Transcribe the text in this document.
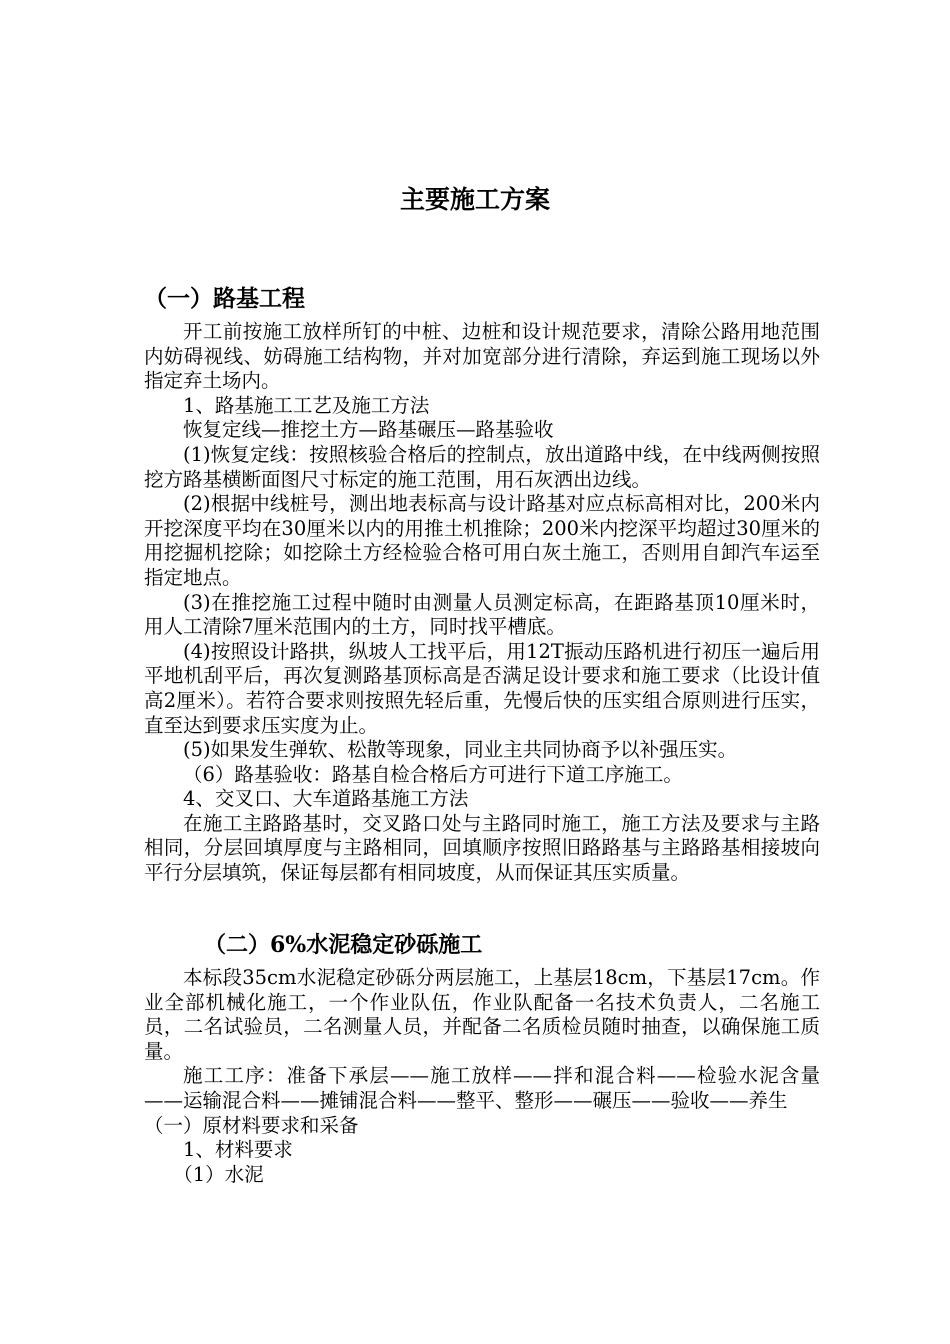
主要施工方案
（一）路基工程

开工前按施工放样所钉的中桩、边桩和设计规范要求，清除公路用地范围内妨碍视线、妨碍施工结构物，并对加宽部分进行清除，弃运到施工现场以外指定弃土场内。

1、路基施工工艺及施工方法

恢复定线—推挖土方—路基碾压—路基验收

(1)恢复定线：按照核验合格后的控制点，放出道路中线，在中线两侧按照挖方路基横断面图尺寸标定的施工范围，用石灰洒出边线。

(2)根据中线桩号，测出地表标高与设计路基对应点标高相对比，200米内开挖深度平均在30厘米以内的用推土机推除；200米内挖深平均超过30厘米的用挖掘机挖除；如挖除土方经检验合格可用白灰土施工，否则用自卸汽车运至指定地点。

(3)在推挖施工过程中随时由测量人员测定标高，在距路基顶10厘米时，用人工清除7厘米范围内的土方，同时找平槽底。

(4)按照设计路拱，纵坡人工找平后，用12T振动压路机进行初压一遍后用平地机刮平后，再次复测路基顶标高是否满足设计要求和施工要求（比设计值高2厘米）。若符合要求则按照先轻后重，先慢后快的压实组合原则进行压实，直至达到要求压实度为止。

(5)如果发生弹软、松散等现象，同业主共同协商予以补强压实。

（6）路基验收：路基自检合格后方可进行下道工序施工。

4、交叉口、大车道路基施工方法

在施工主路路基时，交叉路口处与主路同时施工，施工方法及要求与主路相同，分层回填厚度与主路相同，回填顺序按照旧路路基与主路路基相接坡向平行分层填筑，保证每层都有相同坡度，从而保证其压实质量。

（二）6%水泥稳定砂砾施工

本标段35cm水泥稳定砂砾分两层施工，上基层18cm，下基层17cm。作业全部机械化施工，一个作业队伍，作业队配备一名技术负责人，二名施工员，二名试验员，二名测量人员，并配备二名质检员随时抽查，以确保施工质量。

施工工序：准备下承层——施工放样——拌和混合料——检验水泥含量——运输混合料——摊铺混合料——整平、整形——碾压——验收——养生

（一）原材料要求和采备

1、材料要求

（1）水泥
